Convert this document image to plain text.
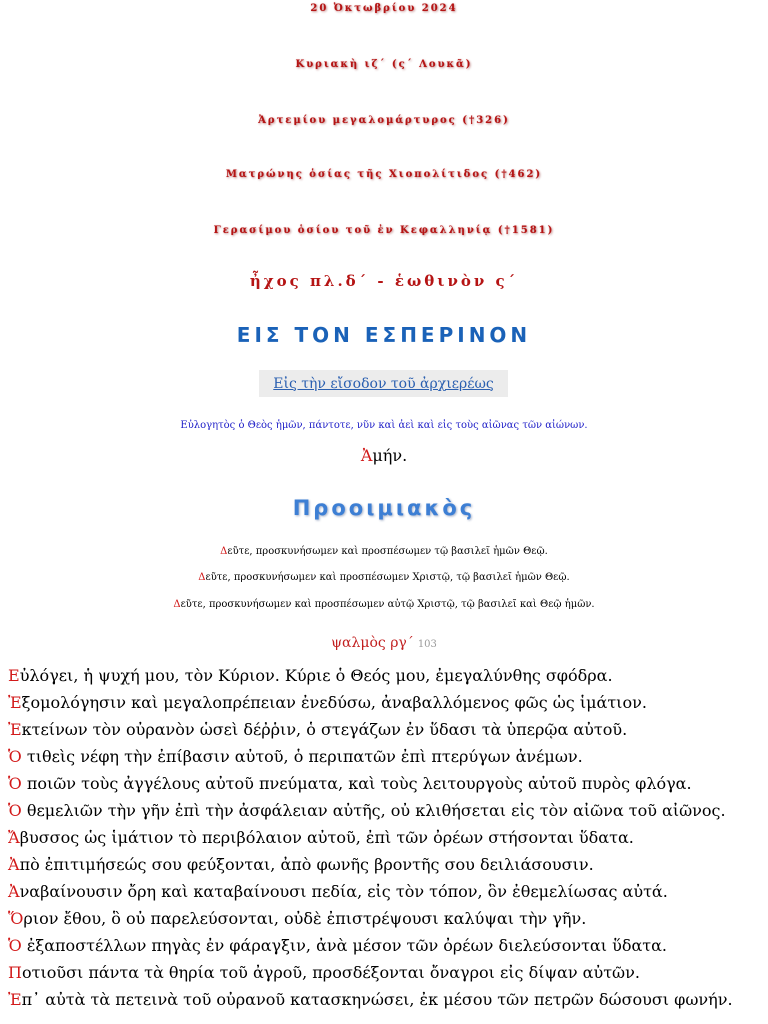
20 Ὀκτωβρίου 2024
Κυριακὴ ιζ΄ (ς΄ Λουκᾶ)
Ἀρτεμίου μεγαλομάρτυρος (†326)
Ματρώνης ὁσίας τῆς Χιοπολίτιδος (†462)
Γερασίμου ὁσίου τοῦ ἐν Κεφαλληνίᾳ (†1581)
ἦχος πλ.δ΄ - ἑωθινὸν ς΄
ΕΙΣ ΤΟΝ ΕΣΠΕΡΙΝΟΝ
Εἰς τὴν εἴσοδον τοῦ ἀρχιερέως
Εὐλογητὸς ὁ Θεὸς ἡμῶν, πάντοτε, νῦν καὶ ἀεὶ καὶ εἰς τοὺς αἰῶνας τῶν αἰώνων.
Ἀμήν.
Προοιμιακὸς
Δεῦτε, προσκυνήσωμεν καὶ προσπέσωμεν τῷ βασιλεῖ ἡμῶν Θεῷ.
Δεῦτε, προσκυνήσωμεν καὶ προσπέσωμεν Χριστῷ, τῷ βασιλεῖ ἡμῶν Θεῷ.
Δεῦτε, προσκυνήσωμεν καὶ προσπέσωμεν αὐτῷ Χριστῷ, τῷ βασιλεῖ καὶ Θεῷ ἡμῶν.
ψαλμὸς ργ΄ 103
Εὐλόγει, ἡ ψυχή μου, τὸν Κύριον. Κύριε ὁ Θεός μου, ἐμεγαλύνθης σφόδρα.
Ἐξομολόγησιν καὶ μεγαλοπρέπειαν ἐνεδύσω, ἀναβαλλόμενος φῶς ὡς ἱμάτιον.
Ἐκτείνων τὸν οὐρανὸν ὡσεὶ δέῤῥιν, ὁ στεγάζων ἐν ὕδασι τὰ ὑπερῷα αὐτοῦ.
Ὁ τιθεὶς νέφη τὴν ἐπίβασιν αὐτοῦ, ὁ περιπατῶν ἐπὶ πτερύγων ἀνέμων.
Ὁ ποιῶν τοὺς ἀγγέλους αὐτοῦ πνεύματα, καὶ τοὺς λειτουργοὺς αὐτοῦ πυρὸς φλόγα.
Ὁ θεμελιῶν τὴν γῆν ἐπὶ τὴν ἀσφάλειαν αὐτῆς, οὐ κλιθήσεται εἰς τὸν αἰῶνα τοῦ αἰῶνος.
Ἄβυσσος ὡς ἱμάτιον τὸ περιβόλαιον αὐτοῦ, ἐπὶ τῶν ὀρέων στήσονται ὕδατα.
Ἀπὸ ἐπιτιμήσεώς σου φεύξονται, ἀπὸ φωνῆς βροντῆς σου δειλιάσουσιν.
Ἀναβαίνουσιν ὄρη καὶ καταβαίνουσι πεδία, εἰς τὸν τόπον, ὃν ἐθεμελίωσας αὐτά.
Ὅριον ἔθου, ὃ οὐ παρελεύσονται, οὐδὲ ἐπιστρέψουσι καλύψαι τὴν γῆν.
Ὁ ἐξαποστέλλων πηγὰς ἐν φάραγξιν, ἀνὰ μέσον τῶν ὀρέων διελεύσονται ὕδατα.
Ποτιοῦσι πάντα τὰ θηρία τοῦ ἀγροῦ, προσδέξονται ὄναγροι εἰς δίψαν αὐτῶν.
Ἐπ᾿ αὐτὰ τὰ πετεινὰ τοῦ οὐρανοῦ κατασκηνώσει, ἐκ μέσου τῶν πετρῶν δώσουσι φωνήν.
